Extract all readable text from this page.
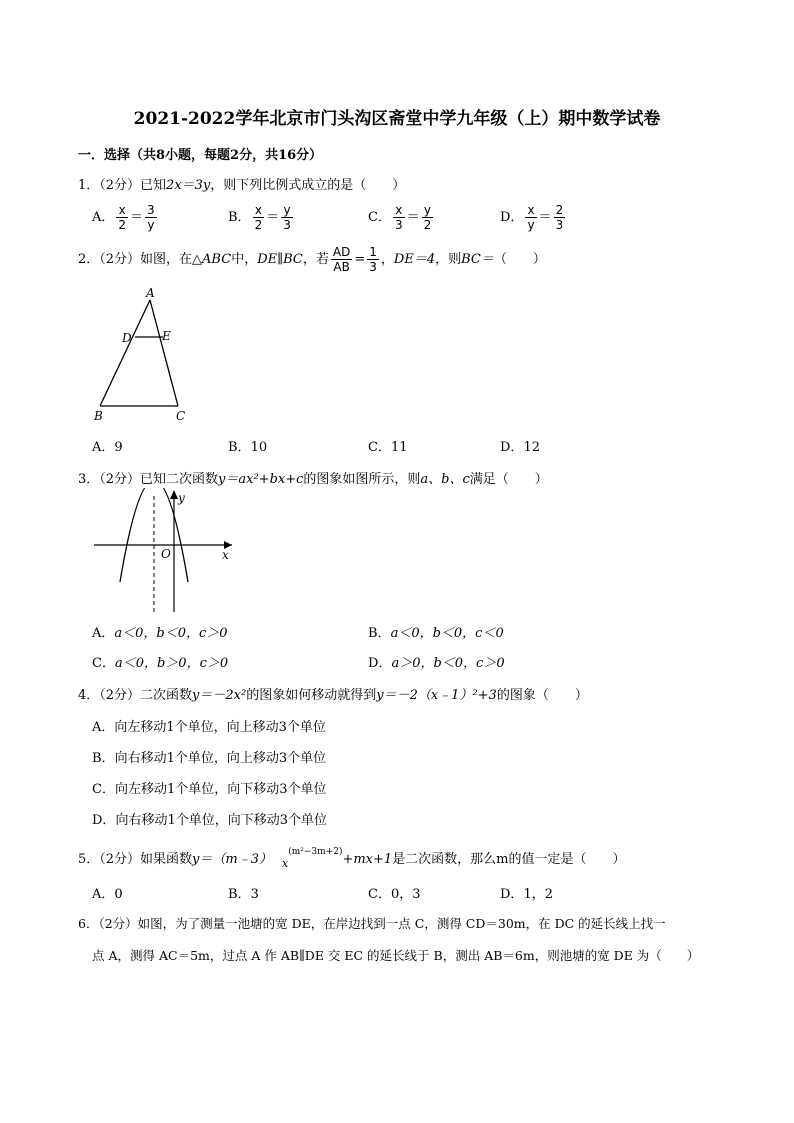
2021-2022学年北京市门头沟区斋堂中学九年级（上）期中数学试卷
一．选择（共8小题，每题2分，共16分）
1．（2分）已知2x＝3y，则下列比例式成立的是（　　）
A． $\frac{x}{2} = \frac{3}{y}$	B． $\frac{x}{2} = \frac{y}{3}$	C． $\frac{x}{3} = \frac{y}{2}$	D． $\frac{x}{y} = \frac{2}{3}$
2．（2分）如图，在△ABC中，DE∥BC，若 $\frac{AD}{AB} = \frac{1}{3}$ ，DE＝4，则BC＝（　　）
A
D	E
B	C
A．9	B．10	C．11	D．12
3．（2分）已知二次函数y＝ax²+bx+c的图象如图所示，则a、b、c满足（　　）
y
x
O
A．a＜0，b＜0，c＞0	B．a＜0，b＜0，c＜0
C．a＜0，b＞0，c＞0	D．a＞0，b＜0，c＞0
4．（2分）二次函数y＝－2x²的图象如何移动就得到y＝－2（x﹣1）²+3的图象（　　）
A．向左移动1个单位，向上移动3个单位
B．向右移动1个单位，向上移动3个单位
C．向左移动1个单位，向下移动3个单位
D．向右移动1个单位，向下移动3个单位
5．（2分）如果函数y＝（m﹣3） $_x^{(m^2-3m+2)}$+mx+1是二次函数，那么m的值一定是（　　）
A．0	B．3	C．0，3	D．1，2
6．（2分）如图，为了测量一池塘的宽 DE，在岸边找到一点 C，测得 CD＝30m，在 DC 的延长线上找一
点 A，测得 AC＝5m，过点 A 作 AB∥DE 交 EC 的延长线于 B，测出 AB＝6m，则池塘的宽 DE 为（　　）
